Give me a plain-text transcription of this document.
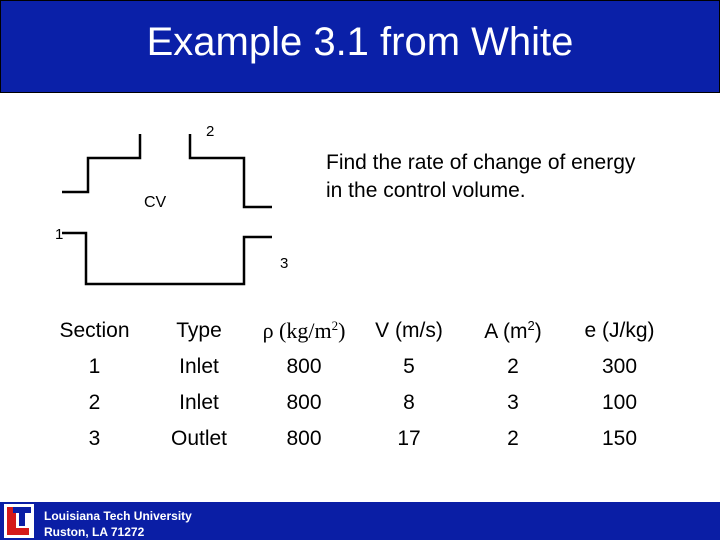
Example 3.1 from White
2
1
3
CV
Find the rate of change of energy in the control volume.
Section	Type	ρ $(kg/m^2)$	V (m/s)	A $(m^2)$	e (J/kg)
1	Inlet	800	5	2	300
2	Inlet	800	8	3	100
3	Outlet	800	17	2	150
Louisiana Tech University
Ruston, LA 71272
